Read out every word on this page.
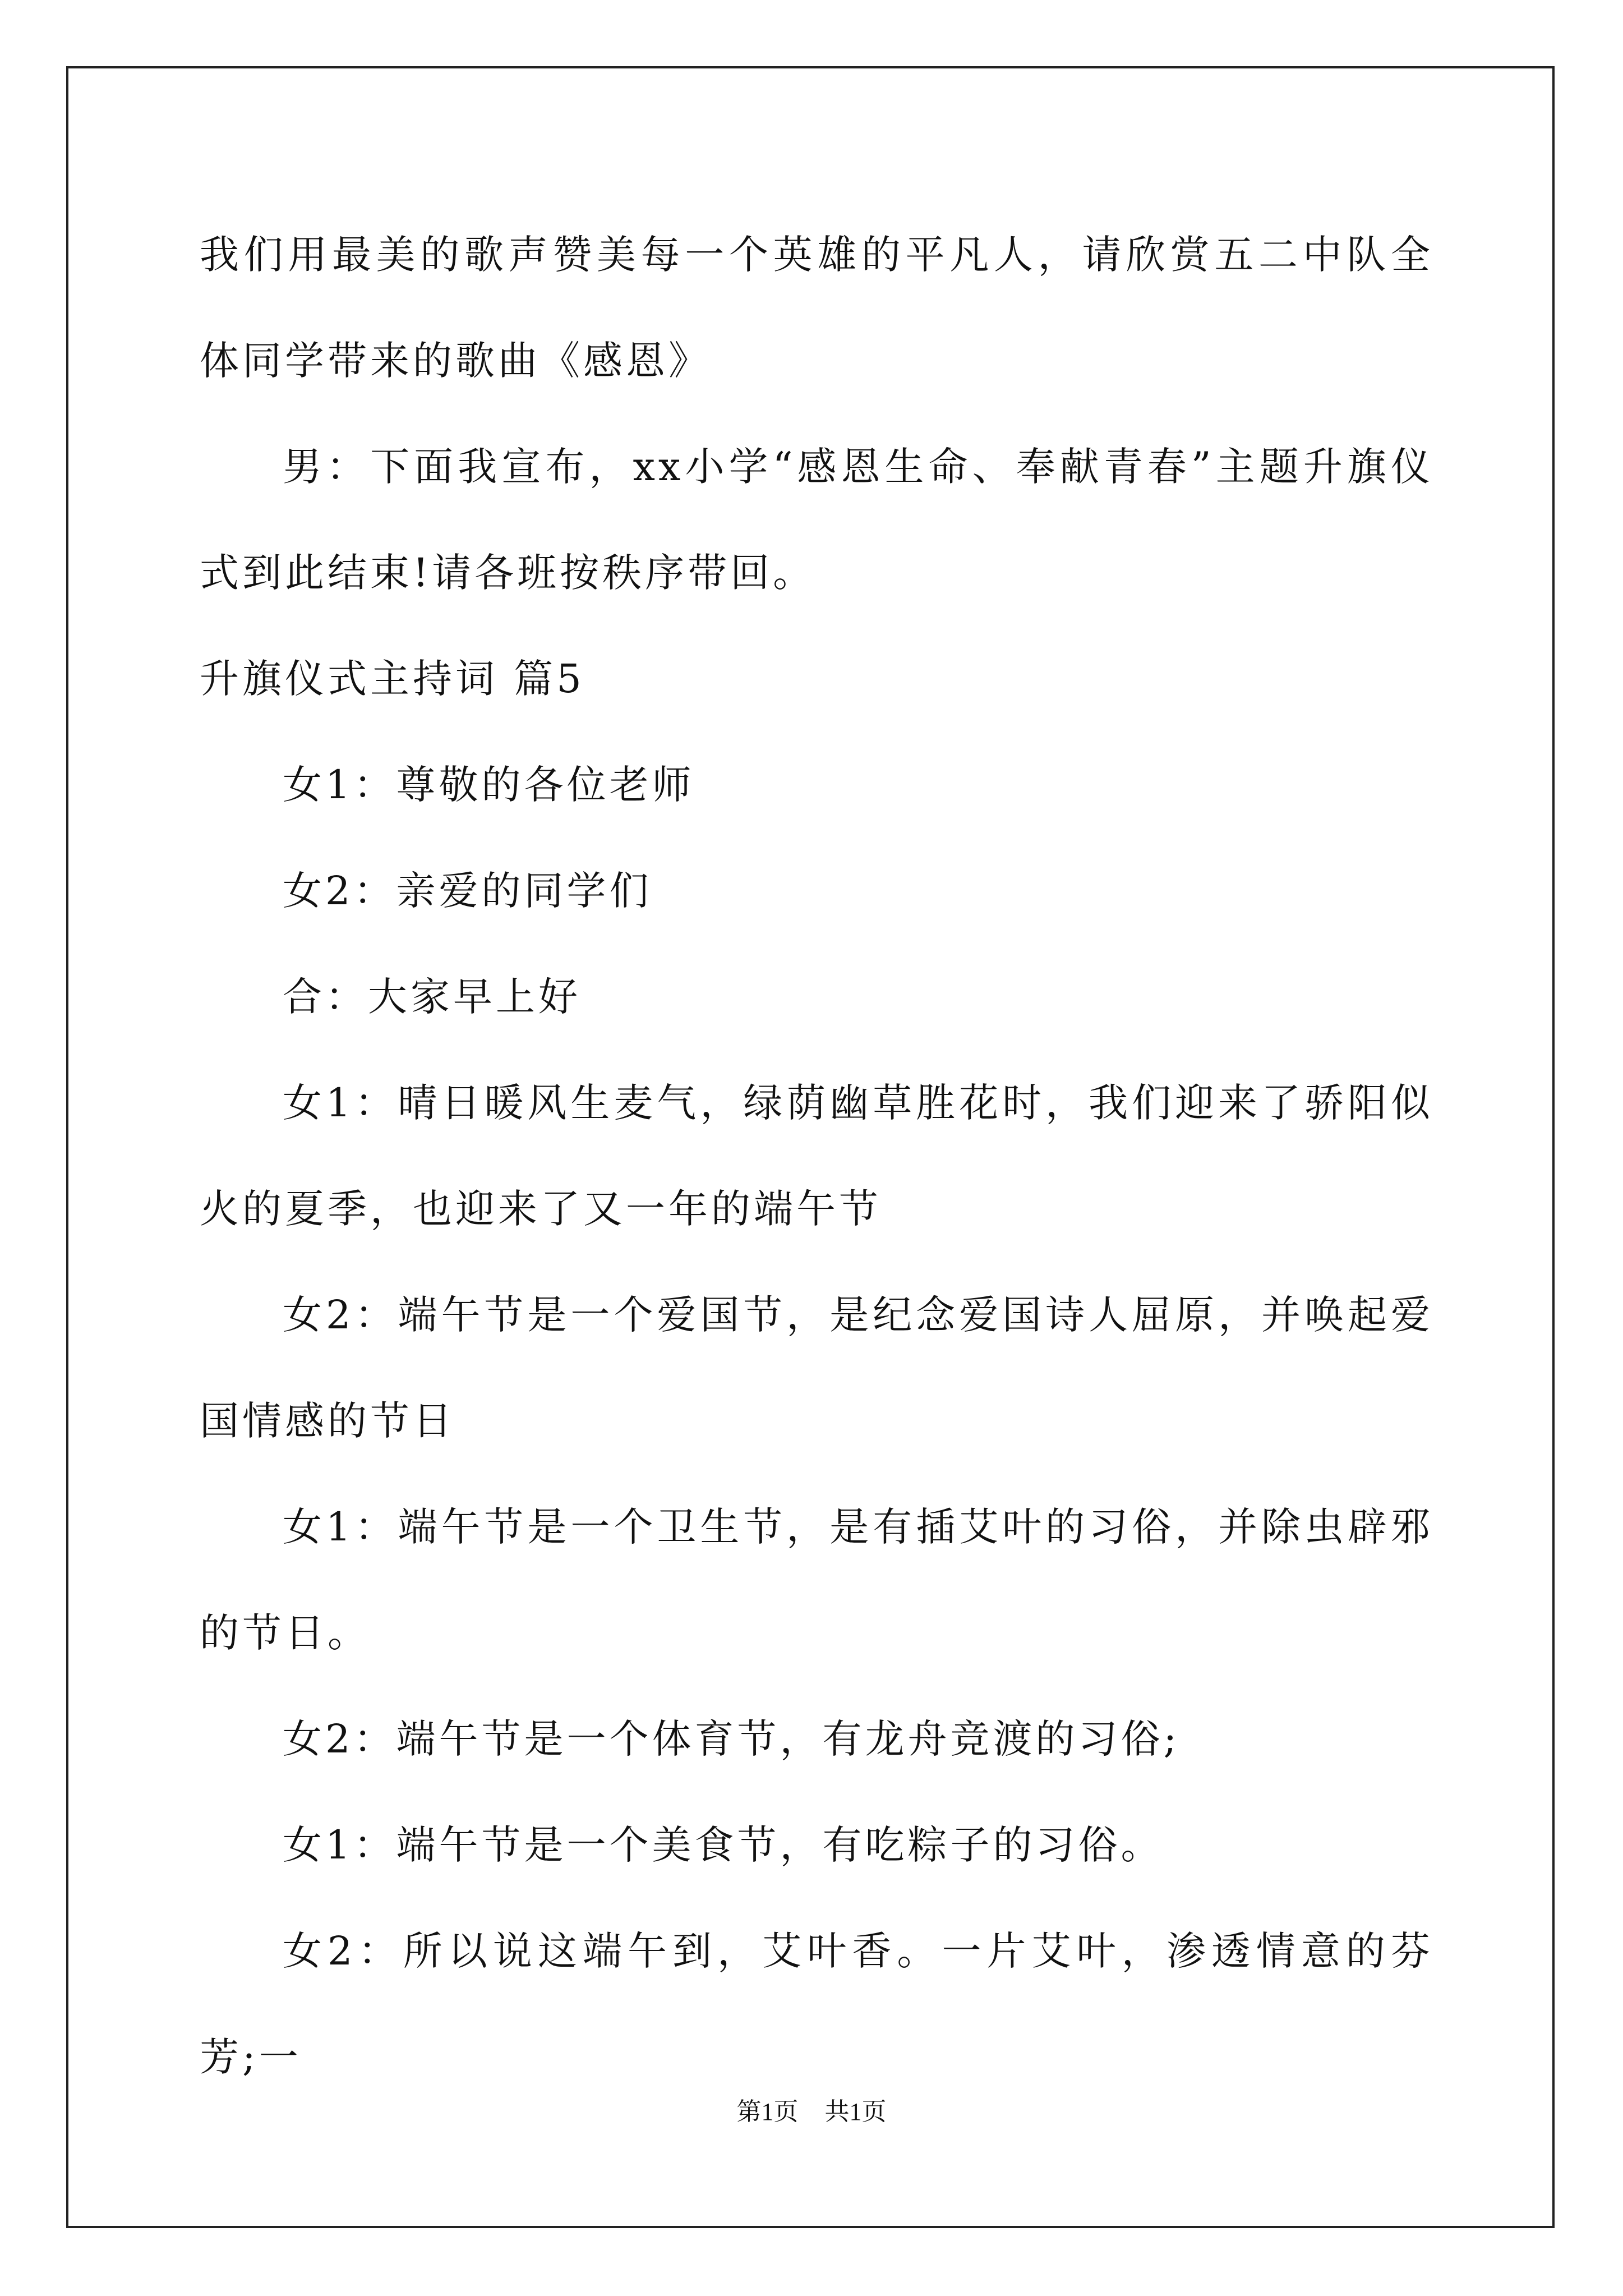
我们用最美的歌声赞美每一个英雄的平凡人，请欣赏五二中队全体同学带来的歌曲《感恩》

男：下面我宣布，xx小学“感恩生命、奉献青春”主题升旗仪式到此结束!请各班按秩序带回。

升旗仪式主持词 篇5

女1：尊敬的各位老师

女2：亲爱的同学们

合：大家早上好

女1：晴日暖风生麦气，绿荫幽草胜花时，我们迎来了骄阳似火的夏季，也迎来了又一年的端午节

女2：端午节是一个爱国节，是纪念爱国诗人屈原，并唤起爱国情感的节日

女1：端午节是一个卫生节，是有插艾叶的习俗，并除虫辟邪的节日。

女2：端午节是一个体育节，有龙舟竞渡的习俗;

女1：端午节是一个美食节，有吃粽子的习俗。

女2：所以说这端午到，艾叶香。一片艾叶，渗透情意的芬芳;一

第1页 共1页
